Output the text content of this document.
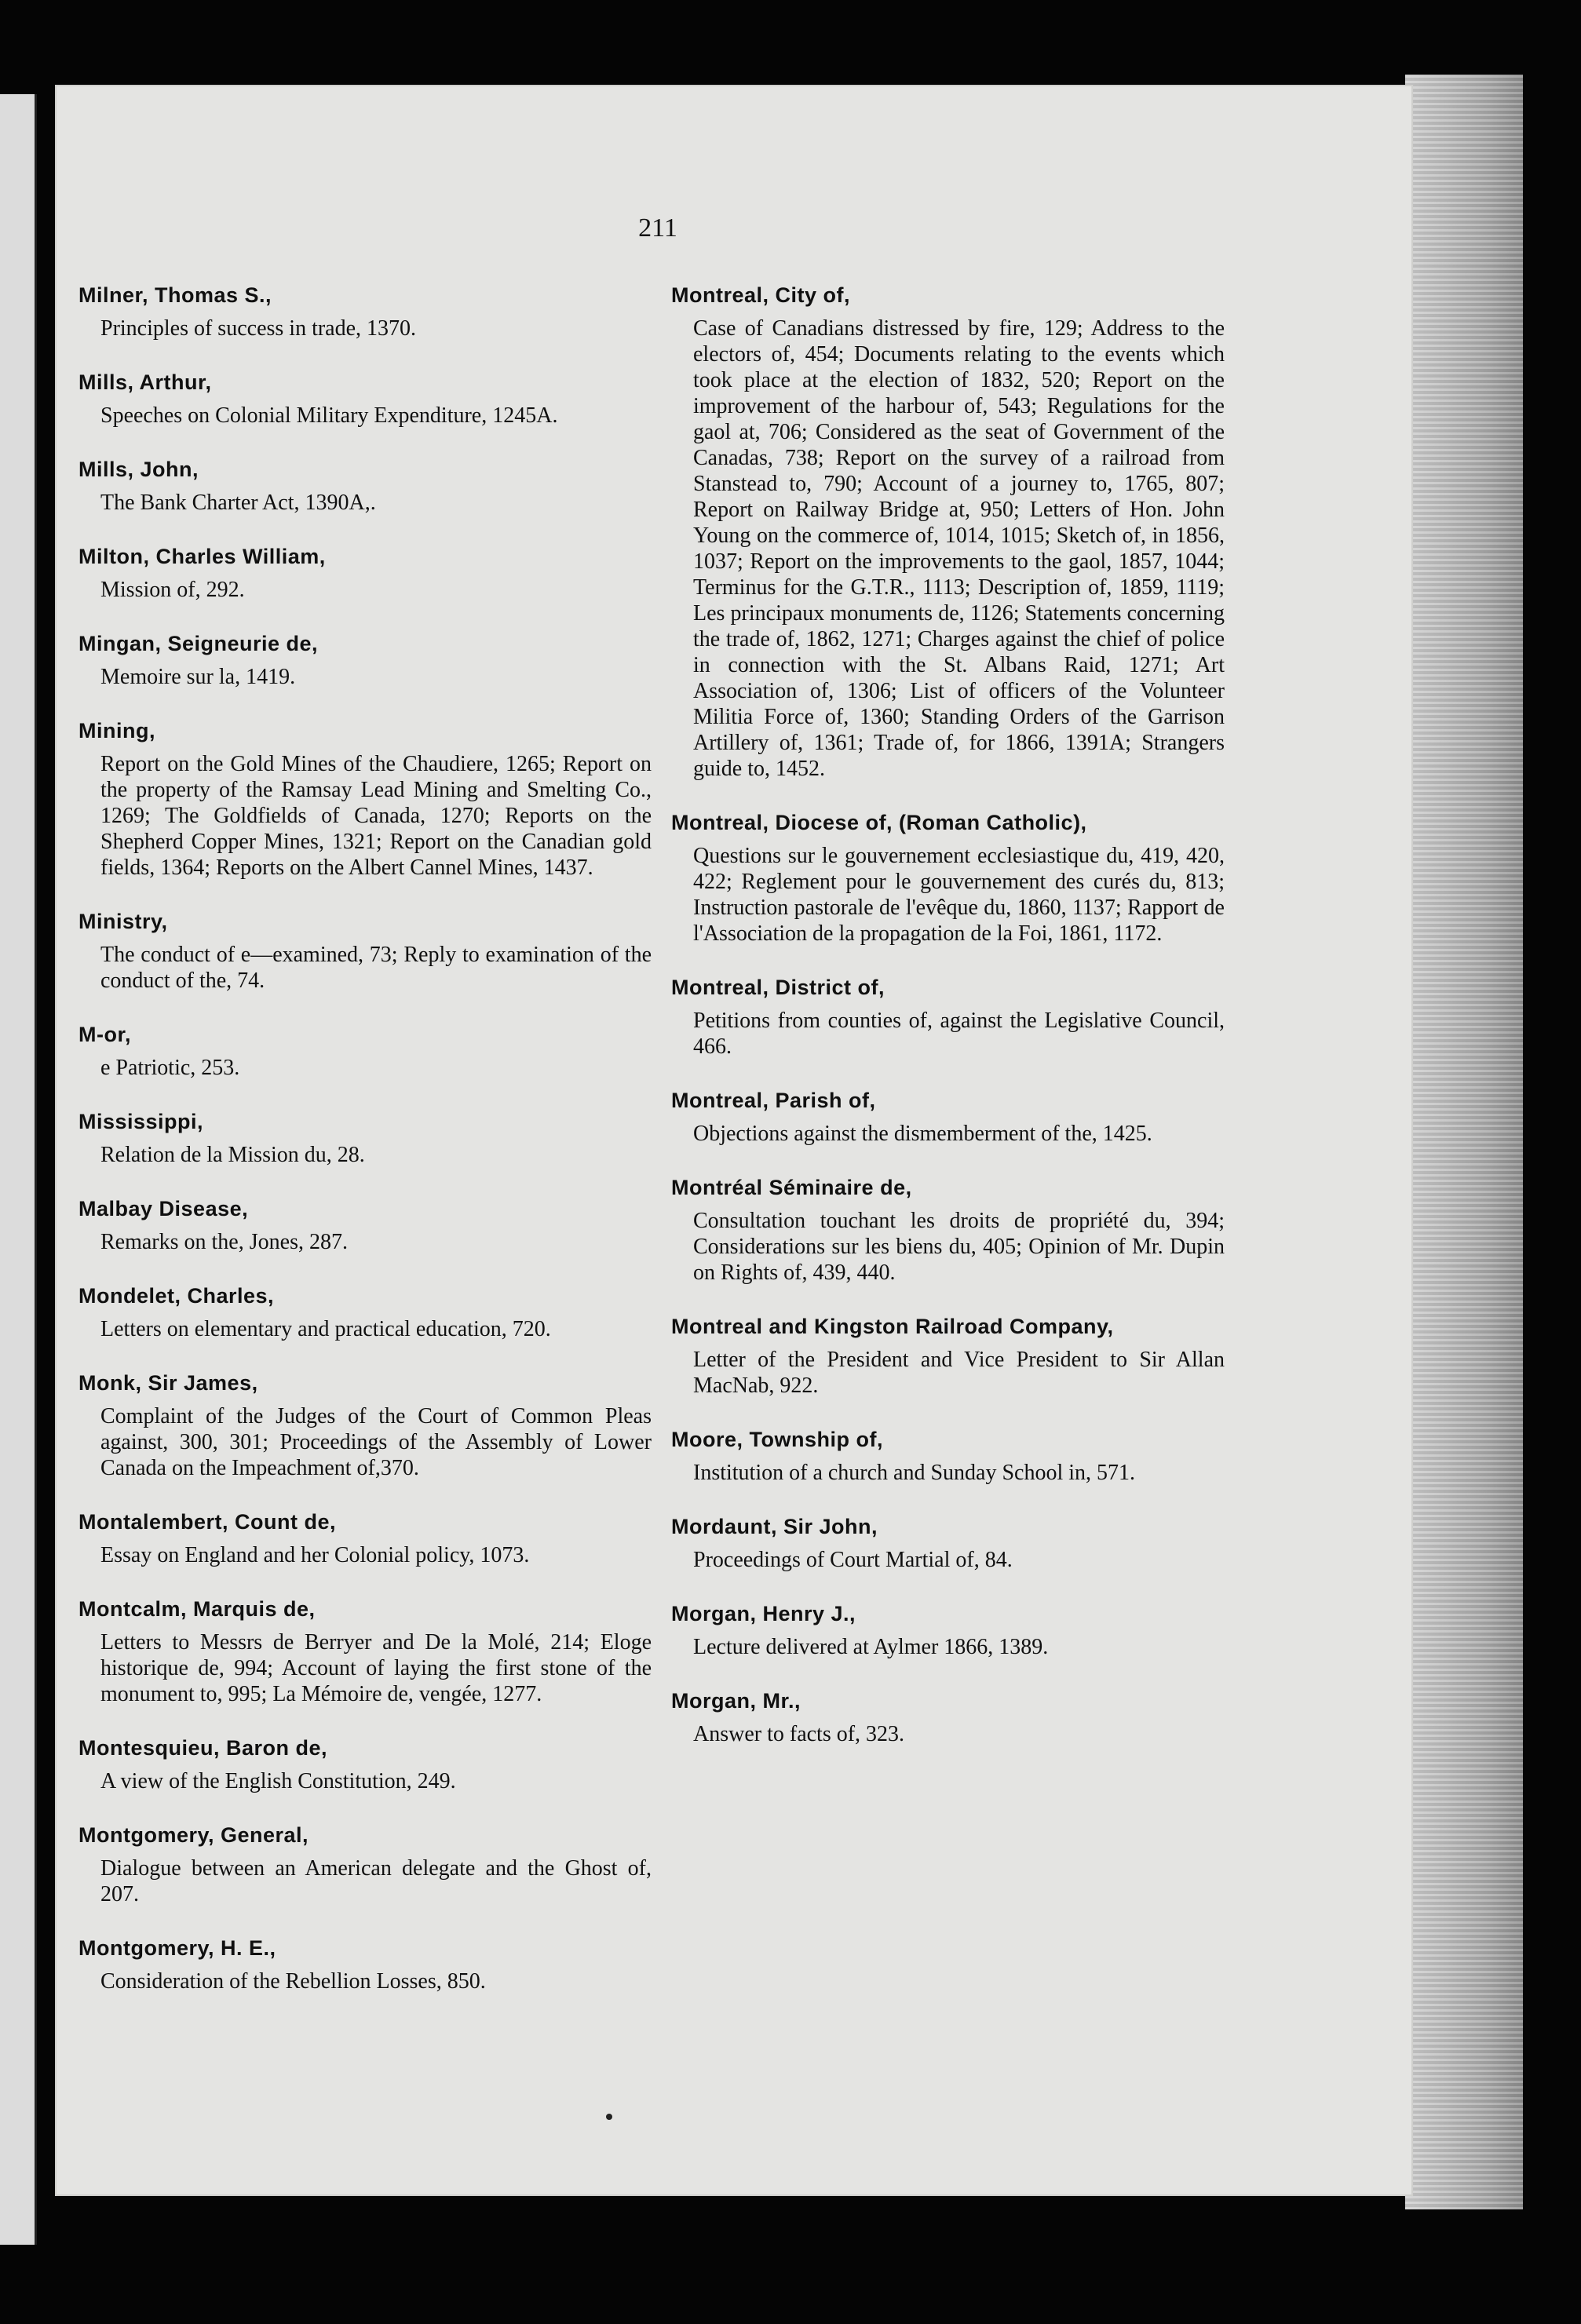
211
Milner, Thomas S.,
Principles of success in trade, 1370.
Mills, Arthur,
Speeches on Colonial Military Expenditure, 1245A.
Mills, John,
The Bank Charter Act, 1390A,.
Milton, Charles William,
Mission of, 292.
Mingan, Seigneurie de,
Memoire sur la, 1419.
Mining,
Report on the Gold Mines of the Chaudiere, 1265; Report on the property of the Ramsay Lead Mining and Smelting Co., 1269; The Goldfields of Canada, 1270; Reports on the Shepherd Copper Mines, 1321; Report on the Canadian gold fields, 1364; Reports on the Albert Cannel Mines, 1437.
Ministry,
The conduct of e—examined, 73; Reply to examination of the conduct of the, 74.
M-or,
e Patriotic, 253.
Mississippi,
Relation de la Mission du, 28.
Malbay Disease,
Remarks on the, Jones, 287.
Mondelet, Charles,
Letters on elementary and practical education, 720.
Monk, Sir James,
Complaint of the Judges of the Court of Common Pleas against, 300, 301; Proceedings of the Assembly of Lower Canada on the Impeachment of,370.
Montalembert, Count de,
Essay on England and her Colonial policy, 1073.
Montcalm, Marquis de,
Letters to Messrs de Berryer and De la Molé, 214; Eloge historique de, 994; Account of laying the first stone of the monument to, 995; La Mémoire de, vengée, 1277.
Montesquieu, Baron de,
A view of the English Constitution, 249.
Montgomery, General,
Dialogue between an American delegate and the Ghost of, 207.
Montgomery, H. E.,
Consideration of the Rebellion Losses, 850.
Montreal, City of,
Case of Canadians distressed by fire, 129; Address to the electors of, 454; Documents relating to the events which took place at the election of 1832, 520; Report on the improvement of the harbour of, 543; Regulations for the gaol at, 706; Considered as the seat of Government of the Canadas, 738; Report on the survey of a railroad from Stanstead to, 790; Account of a journey to, 1765, 807; Report on Railway Bridge at, 950; Letters of Hon. John Young on the commerce of, 1014, 1015; Sketch of, in 1856, 1037; Report on the improvements to the gaol, 1857, 1044; Terminus for the G.T.R., 1113; Description of, 1859, 1119; Les principaux monuments de, 1126; Statements concerning the trade of, 1862, 1271; Charges against the chief of police in connection with the St. Albans Raid, 1271; Art Association of, 1306; List of officers of the Volunteer Militia Force of, 1360; Standing Orders of the Garrison Artillery of, 1361; Trade of, for 1866, 1391A; Strangers guide to, 1452.
Montreal, Diocese of, (Roman Catholic),
Questions sur le gouvernement ecclesiastique du, 419, 420, 422; Reglement pour le gouvernement des curés du, 813; Instruction pastorale de l'evêque du, 1860, 1137; Rapport de l'Association de la propagation de la Foi, 1861, 1172.
Montreal, District of,
Petitions from counties of, against the Legislative Council, 466.
Montreal, Parish of,
Objections against the dismemberment of the, 1425.
Montréal Séminaire de,
Consultation touchant les droits de propriété du, 394; Considerations sur les biens du, 405; Opinion of Mr. Dupin on Rights of, 439, 440.
Montreal and Kingston Railroad Company,
Letter of the President and Vice President to Sir Allan MacNab, 922.
Moore, Township of,
Institution of a church and Sunday School in, 571.
Mordaunt, Sir John,
Proceedings of Court Martial of, 84.
Morgan, Henry J.,
Lecture delivered at Aylmer 1866, 1389.
Morgan, Mr.,
Answer to facts of, 323.
